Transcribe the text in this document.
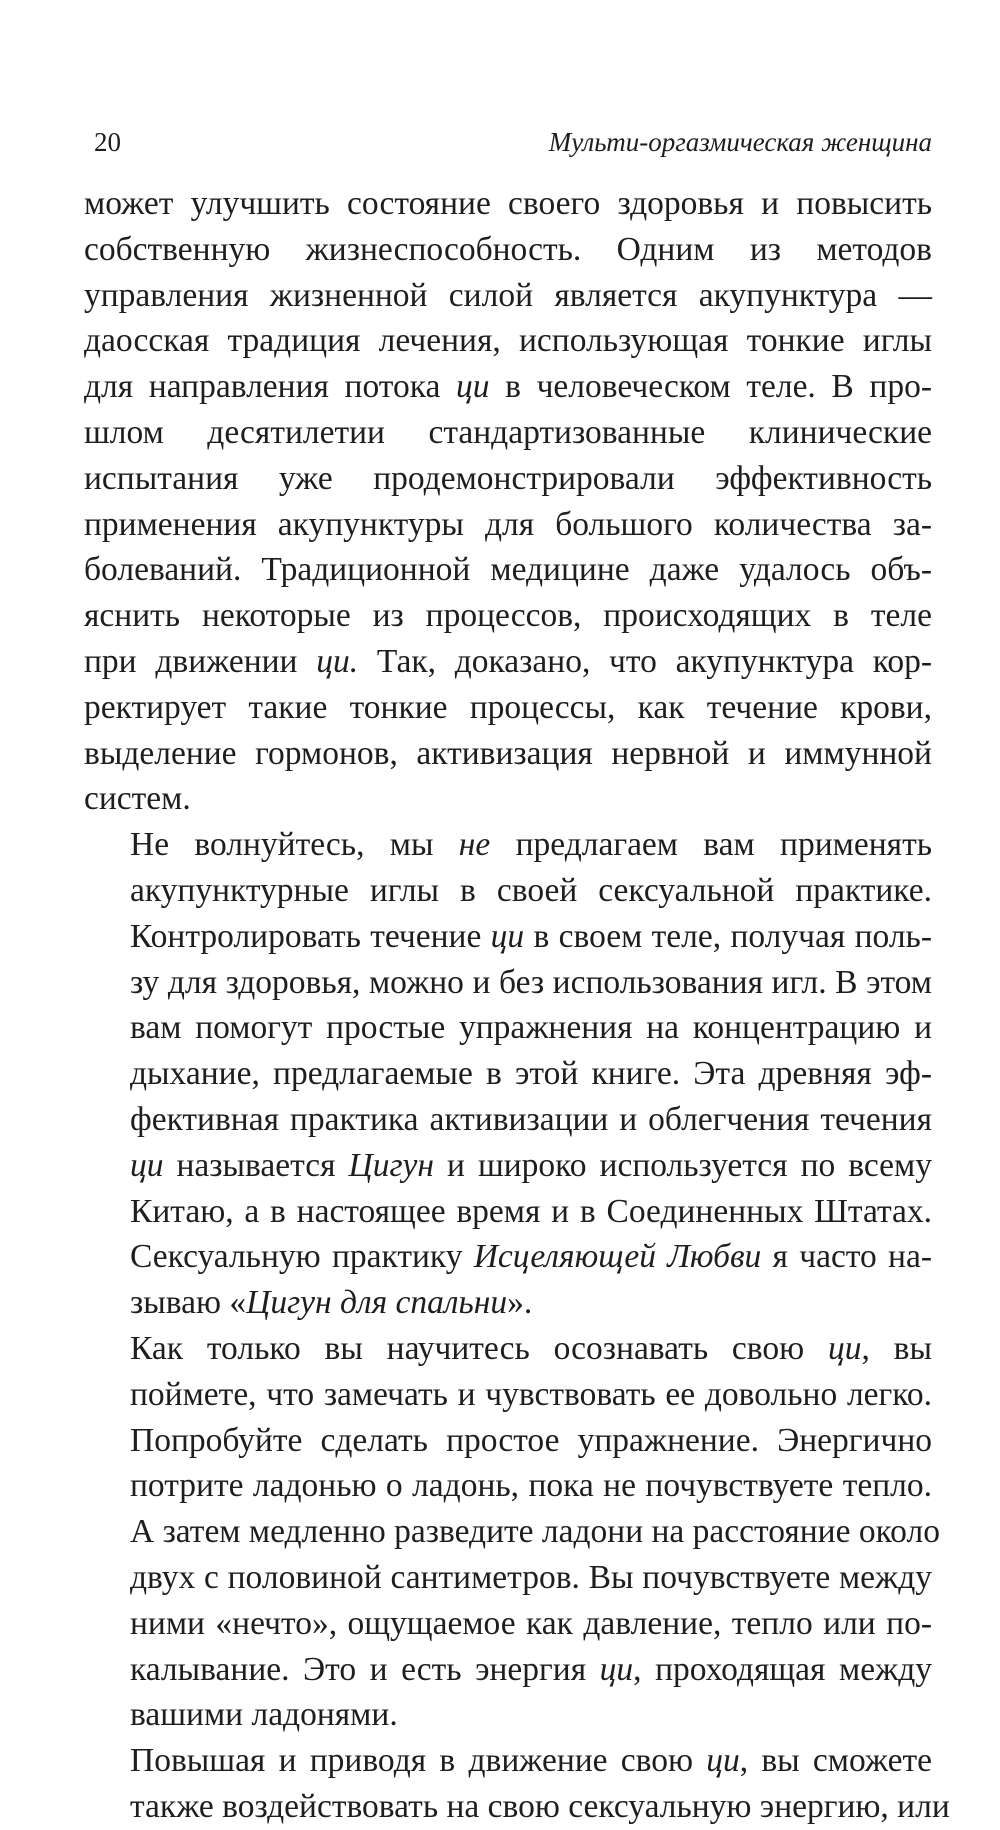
20	Мульти-оргазмическая женщина

может улучшить состояние своего здоровья и повысить
собственную жизнеспособность. Одним из методов
управления жизненной силой является акупунктура —
даосская традиция лечения, использующая тонкие иглы
для направления потока ци в человеческом теле. В про-
шлом десятилетии стандартизованные клинические
испытания уже продемонстрировали эффективность
применения акупунктуры для большого количества за-
болеваний. Традиционной медицине даже удалось объ-
яснить некоторые из процессов, происходящих в теле
при движении ци. Так, доказано, что акупунктура кор-
ректирует такие тонкие процессы, как течение крови,
выделение гормонов, активизация нервной и иммунной
систем.

Не волнуйтесь, мы не предлагаем вам применять
акупунктурные иглы в своей сексуальной практике.
Контролировать течение ци в своем теле, получая поль-
зу для здоровья, можно и без использования игл. В этом
вам помогут простые упражнения на концентрацию и
дыхание, предлагаемые в этой книге. Эта древняя эф-
фективная практика активизации и облегчения течения
ци называется Цигун и широко используется по всему
Китаю, а в настоящее время и в Соединенных Штатах.
Сексуальную практику Исцеляющей Любви я часто на-
зываю «Цигун для спальни».

Как только вы научитесь осознавать свою ци, вы
поймете, что замечать и чувствовать ее довольно легко.
Попробуйте сделать простое упражнение. Энергично
потрите ладонью о ладонь, пока не почувствуете тепло.
А затем медленно разведите ладони на расстояние около
двух с половиной сантиметров. Вы почувствуете между
ними «нечто», ощущаемое как давление, тепло или по-
калывание. Это и есть энергия ци, проходящая между
вашими ладонями.

Повышая и приводя в движение свою ци, вы сможете
также воздействовать на свою сексуальную энергию, или
